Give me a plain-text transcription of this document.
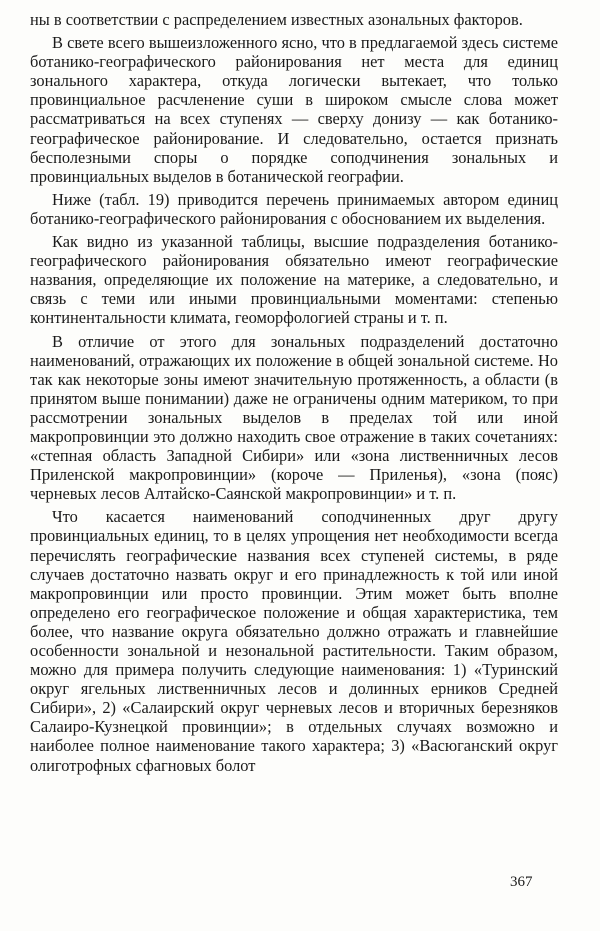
ны в соответствии с распределением известных азональных факторов.

В свете всего вышеизложенного ясно, что в предлагаемой здесь системе ботанико-географического районирования нет места для единиц зонального характера, откуда логически вытекает, что только провинциальное расчленение суши в широком смысле слова может рассматриваться на всех ступенях — сверху донизу — как ботанико-географическое районирование. И следовательно, остается признать бесполезными споры о порядке соподчинения зональных и провинциальных выделов в ботанической географии.

Ниже (табл. 19) приводится перечень принимаемых автором единиц ботанико-географического районирования с обоснованием их выделения.

Как видно из указанной таблицы, высшие подразделения ботанико-географического районирования обязательно имеют географические названия, определяющие их положение на материке, а следовательно, и связь с теми или иными провинциальными моментами: степенью континентальности климата, геоморфологией страны и т. п.

В отличие от этого для зональных подразделений достаточно наименований, отражающих их положение в общей зональной системе. Но так как некоторые зоны имеют значительную протяженность, а области (в принятом выше понимании) даже не ограничены одним материком, то при рассмотрении зональных выделов в пределах той или иной макропровинции это должно находить свое отражение в таких сочетаниях: «степная область Западной Сибири» или «зона лиственничных лесов Приленской макропровинции» (короче — Приленья), «зона (пояс) черневых лесов Алтайско-Саянской макропровинции» и т. п.

Что касается наименований соподчиненных друг другу провинциальных единиц, то в целях упрощения нет необходимости всегда перечислять географические названия всех ступеней системы, в ряде случаев достаточно назвать округ и его принадлежность к той или иной макропровинции или просто провинции. Этим может быть вполне определено его географическое положение и общая характеристика, тем более, что название округа обязательно должно отражать и главнейшие особенности зональной и незональной растительности. Таким образом, можно для примера получить следующие наименования: 1) «Туринский округ ягельных лиственничных лесов и долинных ерников Средней Сибири», 2) «Салаирский округ черневых лесов и вторичных березняков Салаиро-Кузнецкой провинции»; в отдельных случаях возможно и наиболее полное наименование такого характера; 3) «Васюганский округ олиготрофных сфагновых болот

367
